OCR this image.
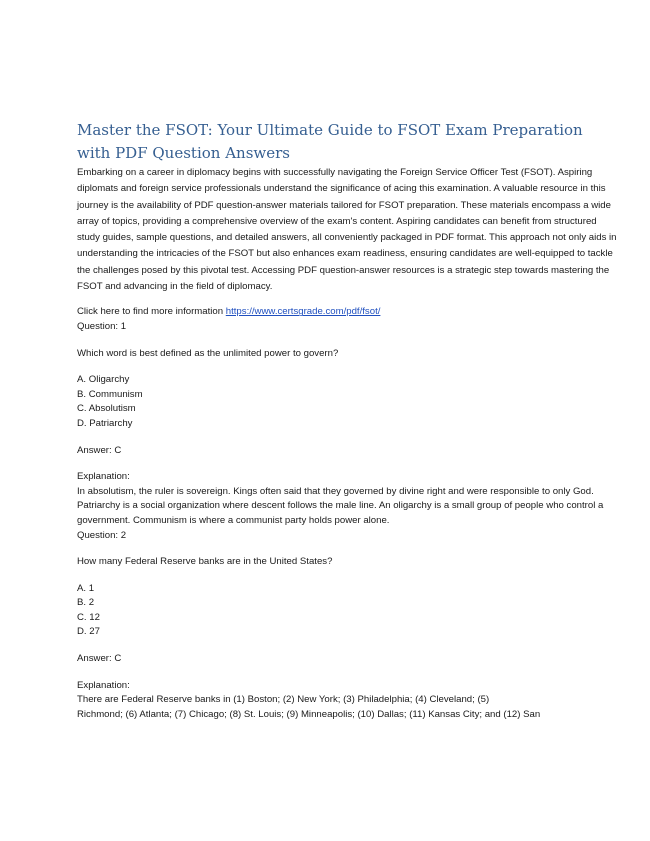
Master the FSOT: Your Ultimate Guide to FSOT Exam Preparation with PDF Question Answers

Embarking on a career in diplomacy begins with successfully navigating the Foreign Service Officer Test (FSOT). Aspiring diplomats and foreign service professionals understand the significance of acing this examination. A valuable resource in this journey is the availability of PDF question-answer materials tailored for FSOT preparation. These materials encompass a wide array of topics, providing a comprehensive overview of the exam's content. Aspiring candidates can benefit from structured study guides, sample questions, and detailed answers, all conveniently packaged in PDF format. This approach not only aids in understanding the intricacies of the FSOT but also enhances exam readiness, ensuring candidates are well-equipped to tackle the challenges posed by this pivotal test. Accessing PDF question-answer resources is a strategic step towards mastering the FSOT and advancing in the field of diplomacy.

Click here to find more information https://www.certsgrade.com/pdf/fsot/

Question: 1

Which word is best defined as the unlimited power to govern?

A. Oligarchy

B. Communism

C. Absolutism

D. Patriarchy

Answer: C

Explanation:

In absolutism, the ruler is sovereign. Kings often said that they governed by divine right and were responsible to only God. Patriarchy is a social organization where descent follows the male line. An oligarchy is a small group of people who control a government. Communism is where a communist party holds power alone.

Question: 2

How many Federal Reserve banks are in the United States?

A. 1

B. 2

C. 12

D. 27

Answer: C

Explanation:

There are Federal Reserve banks in (1) Boston; (2) New York; (3) Philadelphia; (4) Cleveland; (5)

Richmond; (6) Atlanta; (7) Chicago; (8) St. Louis; (9) Minneapolis; (10) Dallas; (11) Kansas City; and (12) San
